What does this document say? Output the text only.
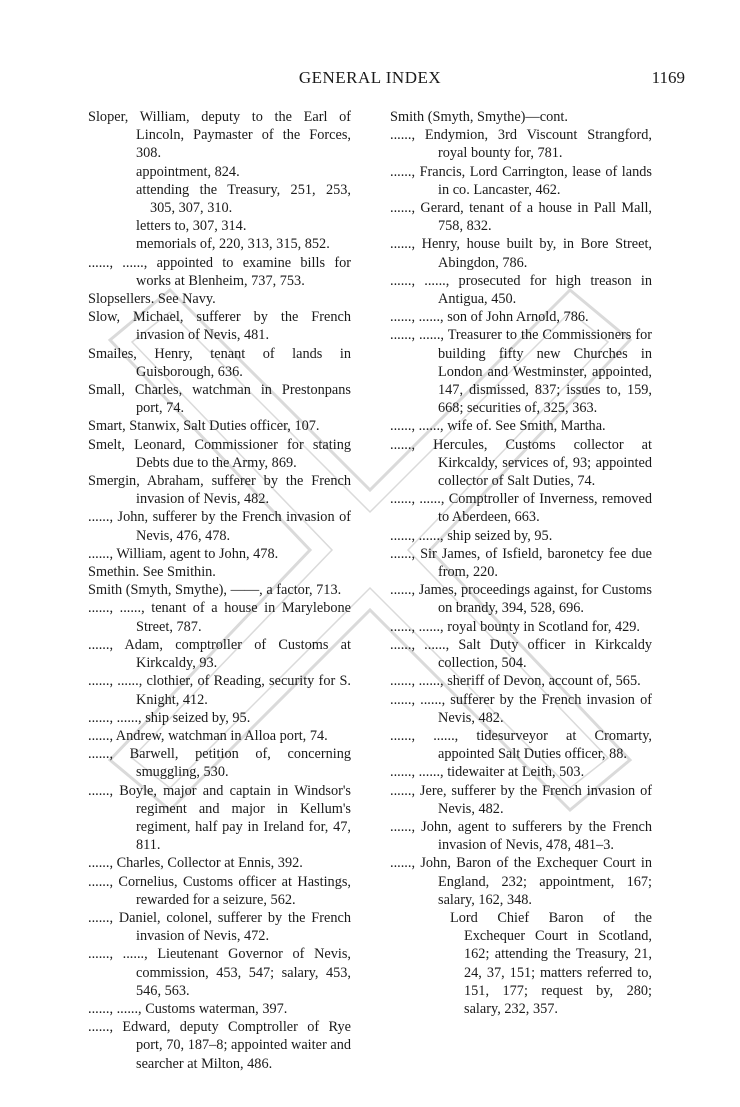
GENERAL INDEX	1169

Sloper, William, deputy to the Earl of Lincoln, Paymaster of the Forces, 308.

appointment, 824.

attending the Treasury, 251, 253, 305, 307, 310.

letters to, 307, 314.

memorials of, 220, 313, 315, 852.

......, ......, appointed to examine bills for works at Blenheim, 737, 753.

Slopsellers. See Navy.

Slow, Michael, sufferer by the French invasion of Nevis, 481.

Smailes, Henry, tenant of lands in Guisborough, 636.

Small, Charles, watchman in Prestonpans port, 74.

Smart, Stanwix, Salt Duties officer, 107.

Smelt, Leonard, Commissioner for stating Debts due to the Army, 869.

Smergin, Abraham, sufferer by the French invasion of Nevis, 482.

......, John, sufferer by the French invasion of Nevis, 476, 478.

......, William, agent to John, 478.

Smethin. See Smithin.

Smith (Smyth, Smythe), ——, a factor, 713.

......, ......, tenant of a house in Marylebone Street, 787.

......, Adam, comptroller of Customs at Kirkcaldy, 93.

......, ......, clothier, of Reading, security for S. Knight, 412.

......, ......, ship seized by, 95.

......, Andrew, watchman in Alloa port, 74.

......, Barwell, petition of, concerning smuggling, 530.

......, Boyle, major and captain in Windsor's regiment and major in Kellum's regiment, half pay in Ireland for, 47, 811.

......, Charles, Collector at Ennis, 392.

......, Cornelius, Customs officer at Hastings, rewarded for a seizure, 562.

......, Daniel, colonel, sufferer by the French invasion of Nevis, 472.

......, ......, Lieutenant Governor of Nevis, commission, 453, 547; salary, 453, 546, 563.

......, ......, Customs waterman, 397.

......, Edward, deputy Comptroller of Rye port, 70, 187–8; appointed waiter and searcher at Milton, 486.

Smith (Smyth, Smythe)—cont.

......, Endymion, 3rd Viscount Strangford, royal bounty for, 781.

......, Francis, Lord Carrington, lease of lands in co. Lancaster, 462.

......, Gerard, tenant of a house in Pall Mall, 758, 832.

......, Henry, house built by, in Bore Street, Abingdon, 786.

......, ......, prosecuted for high treason in Antigua, 450.

......, ......, son of John Arnold, 786.

......, ......, Treasurer to the Commissioners for building fifty new Churches in London and Westminster, appointed, 147, dismissed, 837; issues to, 159, 668; securities of, 325, 363.

......, ......, wife of. See Smith, Martha.

......, Hercules, Customs collector at Kirkcaldy, services of, 93; appointed collector of Salt Duties, 74.

......, ......, Comptroller of Inverness, removed to Aberdeen, 663.

......, ......, ship seized by, 95.

......, Sir James, of Isfield, baronetcy fee due from, 220.

......, James, proceedings against, for Customs on brandy, 394, 528, 696.

......, ......, royal bounty in Scotland for, 429.

......, ......, Salt Duty officer in Kirkcaldy collection, 504.

......, ......, sheriff of Devon, account of, 565.

......, ......, sufferer by the French invasion of Nevis, 482.

......, ......, tidesurveyor at Cromarty, appointed Salt Duties officer, 88.

......, ......, tidewaiter at Leith, 503.

......, Jere, sufferer by the French invasion of Nevis, 482.

......, John, agent to sufferers by the French invasion of Nevis, 478, 481–3.

......, John, Baron of the Exchequer Court in England, 232; appointment, 167; salary, 162, 348.

Lord Chief Baron of the Exchequer Court in Scotland, 162; attending the Treasury, 21, 24, 37, 151; matters referred to, 151, 177; request by, 280; salary, 232, 357.
